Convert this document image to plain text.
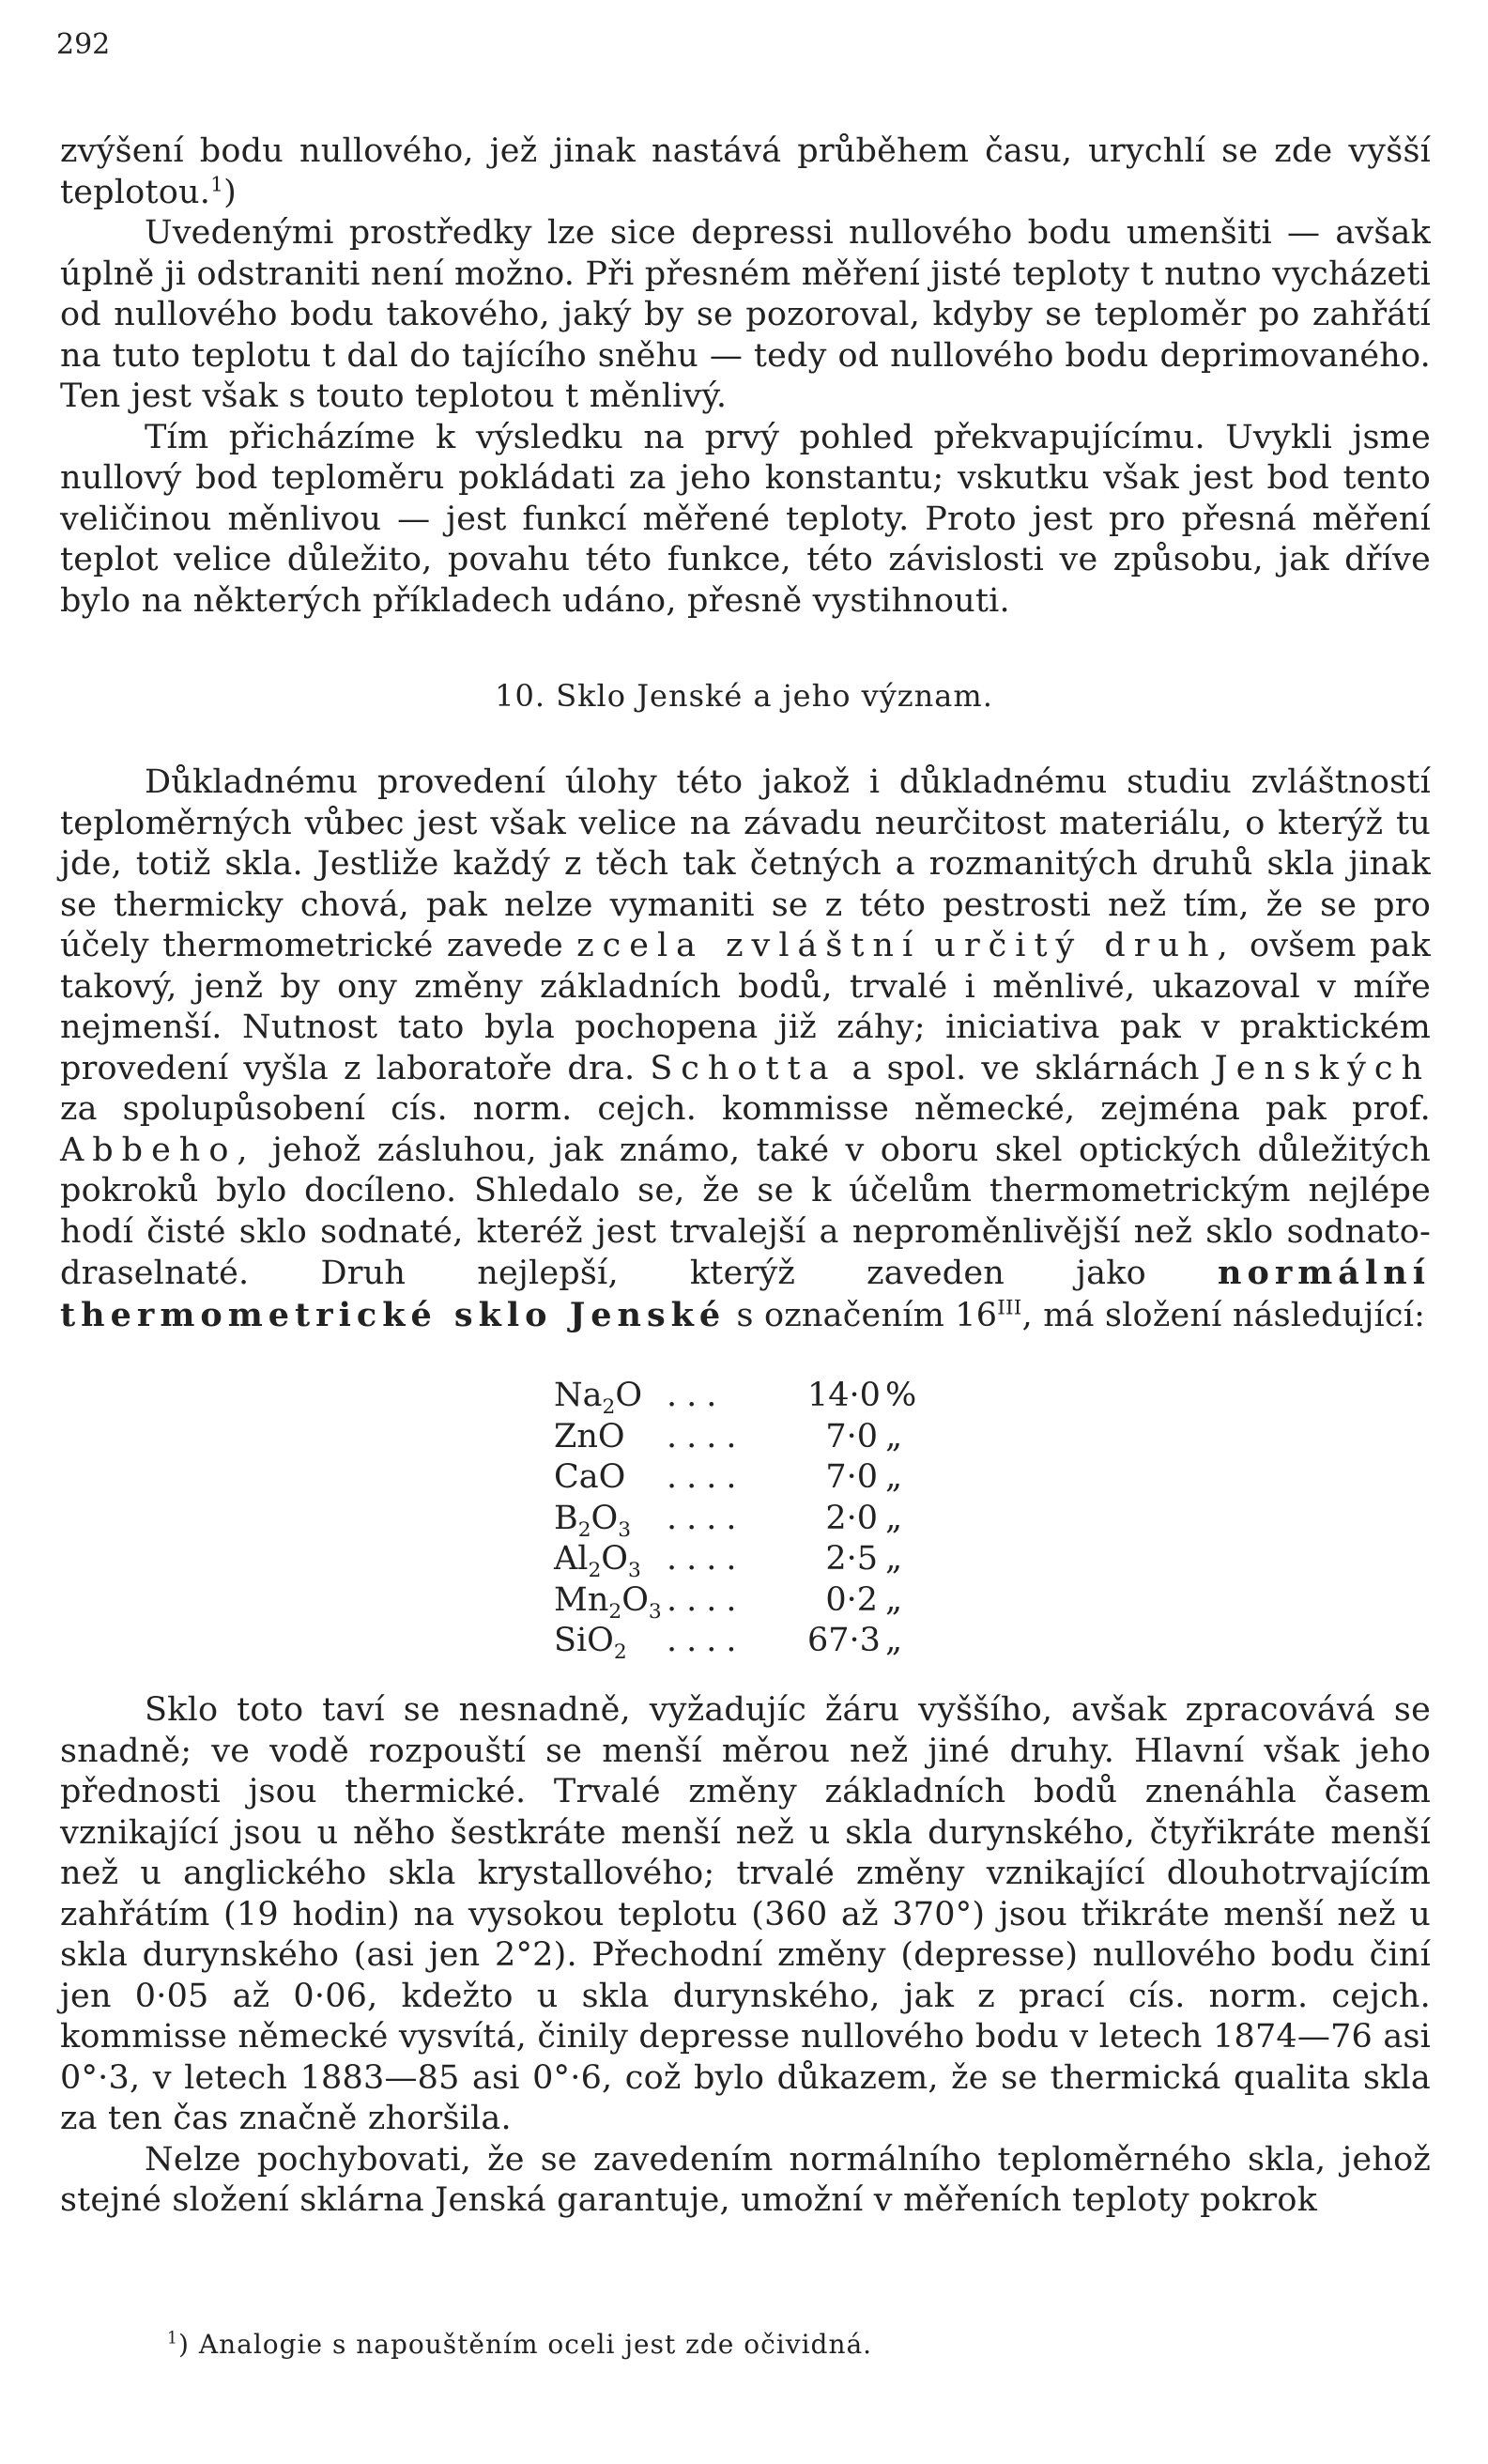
292

zvýšení bodu nullového, jež jinak nastává průběhem času, urychlí se zde vyšší teplotou.$^1$)

Uvedenými prostředky lze sice depressi nullového bodu umenšiti — avšak úplně ji odstraniti není možno. Při přesném měření jisté teploty t nutno vycházeti od nullového bodu takového, jaký by se pozoroval, kdyby se teploměr po zahřátí na tuto teplotu t dal do tajícího sněhu — tedy od nullového bodu deprimovaného. Ten jest však s touto teplotou t měnlivý.

Tím přicházíme k výsledku na prvý pohled překvapujícímu. Uvykli jsme nullový bod teploměru pokládati za jeho konstantu; vskutku však jest bod tento veličinou měnlivou — jest funkcí měřené teploty. Proto jest pro přesná měření teplot velice důležito, povahu této funkce, této závislosti ve způsobu, jak dříve bylo na některých příkladech udáno, přesně vystihnouti.

10. Sklo Jenské a jeho význam.

Důkladnému provedení úlohy této jakož i důkladnému studiu zvláštností teploměrných vůbec jest však velice na závadu neurčitost materiálu, o kterýž tu jde, totiž skla. Jestliže každý z těch tak četných a rozmanitých druhů skla jinak se thermicky chová, pak nelze vymaniti se z této pestrosti než tím, že se pro účely thermometrické zavede zcela zvláštní určitý druh, ovšem pak takový, jenž by ony změny základních bodů, trvalé i měnlivé, ukazoval v míře nejmenší. Nutnost tato byla pochopena již záhy; iniciativa pak v praktickém provedení vyšla z laboratoře dra. Schotta a spol. ve sklárnách Jenských za spolupůsobení cís. norm. cejch. kommisse německé, zejména pak prof. Abbeho, jehož zásluhou, jak známo, také v oboru skel optických důležitých pokroků bylo docíleno. Shledalo se, že se k účelům thermometrickým nejlépe hodí čisté sklo sodnaté, kteréž jest trvalejší a neproměnlivější než sklo sodnato-draselnaté. Druh nejlepší, kterýž zaveden jako normální thermometrické sklo Jenské s označením $16^{III}$, má složení následující:

$Na_2O$ ...	14·0 %
ZnO	....	7·0 „
CaO	....	7·0 „
$B_2O_3$	....	2·0 „
$Al_2O_3$ ....	2·5 „
$Mn_2O_3$ ....	0·2 „
SiO$_2$	....	67·3 „

Sklo toto taví se nesnadně, vyžadujíc žáru vyššího, avšak zpracovává se snadně; ve vodě rozpouští se menší měrou než jiné druhy. Hlavní však jeho přednosti jsou thermické. Trvalé změny základních bodů znenáhla časem vznikající jsou u něho šestkráte menší než u skla durynského, čtyřikráte menší než u anglického skla krystallového; trvalé změny vznikající dlouhotrvajícím zahřátím (19 hodin) na vysokou teplotu (360 až 370°) jsou třikráte menší než u skla durynského (asi jen 2°2). Přechodní změny (depresse) nullového bodu činí jen 0·05 až 0·06, kdežto u skla durynského, jak z prací cís. norm. cejch. kommisse německé vysvítá, činily depresse nullového bodu v letech 1874—76 asi 0°·3, v letech 1883—85 asi 0°·6, což bylo důkazem, že se thermická qualita skla za ten čas značně zhoršila.

Nelze pochybovati, že se zavedením normálního teploměrného skla, jehož stejné složení sklárna Jenská garantuje, umožní v měřeních teploty pokrok

$^1$) Analogie s napouštěním oceli jest zde očividná.
